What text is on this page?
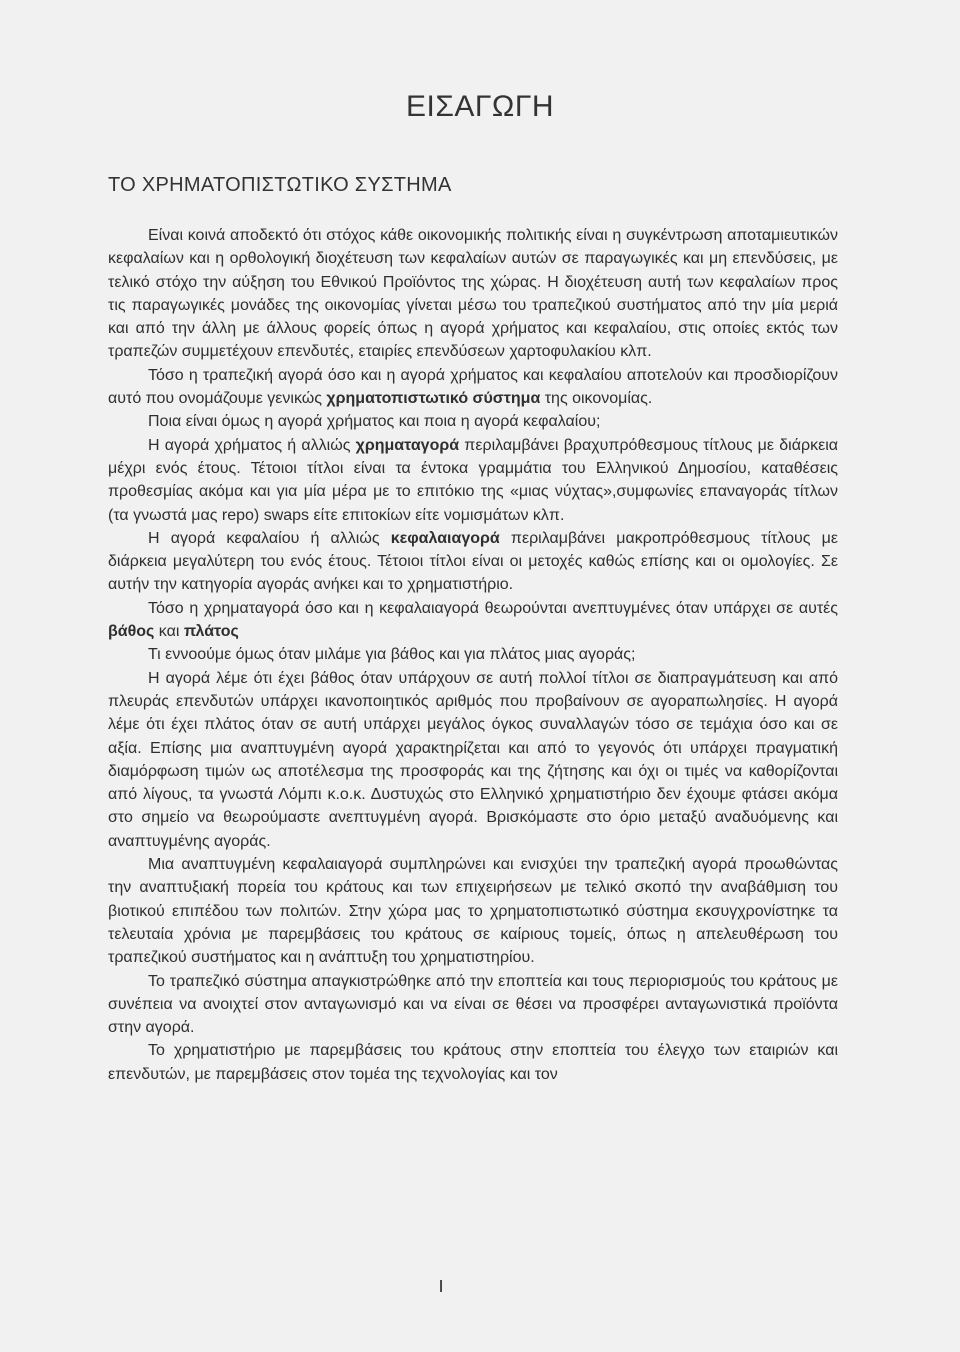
ΕΙΣΑΓΩΓΗ
ΤΟ ΧΡΗΜΑΤΟΠΙΣΤΩΤΙΚΟ ΣΥΣΤΗΜΑ

Είναι κοινά αποδεκτό ότι στόχος κάθε οικονομικής πολιτικής είναι η συγκέντρωση αποταμιευτικών κεφαλαίων και η ορθολογική διοχέτευση των κεφαλαίων αυτών σε παραγωγικές και μη επενδύσεις, με τελικό στόχο την αύξηση του Εθνικού Προϊόντος της χώρας. Η διοχέτευση αυτή των κεφαλαίων προς τις παραγωγικές μονάδες της οικονομίας γίνεται μέσω του τραπεζικού συστήματος από την μία μεριά και από την άλλη με άλλους φορείς όπως η αγορά χρήματος και κεφαλαίου, στις οποίες εκτός των τραπεζών συμμετέχουν επενδυτές, εταιρίες επενδύσεων χαρτοφυλακίου κλπ.

Τόσο η τραπεζική αγορά όσο και η αγορά χρήματος και κεφαλαίου αποτελούν και προσδιορίζουν αυτό που ονομάζουμε γενικώς χρηματοπιστωτικό σύστημα της οικονομίας.

Ποια είναι όμως η αγορά χρήματος και ποια η αγορά κεφαλαίου;

Η αγορά χρήματος ή αλλιώς χρηματαγορά περιλαμβάνει βραχυπρόθεσμους τίτλους με διάρκεια μέχρι ενός έτους. Τέτοιοι τίτλοι είναι τα έντοκα γραμμάτια του Ελληνικού Δημοσίου, καταθέσεις προθεσμίας ακόμα και για μία μέρα με το επιτόκιο της «μιας νύχτας»,συμφωνίες επαναγοράς τίτλων (τα γνωστά μας repo) swaps είτε επιτοκίων είτε νομισμάτων κλπ.

Η αγορά κεφαλαίου ή αλλιώς κεφαλαιαγορά περιλαμβάνει μακροπρόθεσμους τίτλους με διάρκεια μεγαλύτερη του ενός έτους. Τέτοιοι τίτλοι είναι οι μετοχές καθώς επίσης και οι ομολογίες. Σε αυτήν την κατηγορία αγοράς ανήκει και το χρηματιστήριο.

Τόσο η χρηματαγορά όσο και η κεφαλαιαγορά θεωρούνται ανεπτυγμένες όταν υπάρχει σε αυτές βάθος και πλάτος

Τι εννοούμε όμως όταν μιλάμε για βάθος και για πλάτος μιας αγοράς;

Η αγορά λέμε ότι έχει βάθος όταν υπάρχουν σε αυτή πολλοί τίτλοι σε διαπραγμάτευση και από πλευράς επενδυτών υπάρχει ικανοποιητικός αριθμός που προβαίνουν σε αγοραπωλησίες. Η αγορά λέμε ότι έχει πλάτος όταν σε αυτή υπάρχει μεγάλος όγκος συναλλαγών τόσο σε τεμάχια όσο και σε αξία. Επίσης μια αναπτυγμένη αγορά χαρακτηρίζεται και από το γεγονός ότι υπάρχει πραγματική διαμόρφωση τιμών ως αποτέλεσμα της προσφοράς και της ζήτησης και όχι οι τιμές να καθορίζονται από λίγους, τα γνωστά Λόμπι κ.ο.κ. Δυστυχώς στο Ελληνικό χρηματιστήριο δεν έχουμε φτάσει ακόμα στο σημείο να θεωρούμαστε ανεπτυγμένη αγορά. Βρισκόμαστε στο όριο μεταξύ αναδυόμενης και αναπτυγμένης αγοράς.

Μια αναπτυγμένη κεφαλαιαγορά συμπληρώνει και ενισχύει την τραπεζική αγορά προωθώντας την αναπτυξιακή πορεία του κράτους και των επιχειρήσεων με τελικό σκοπό την αναβάθμιση του βιοτικού επιπέδου των πολιτών. Στην χώρα μας το χρηματοπιστωτικό σύστημα εκσυγχρονίστηκε τα τελευταία χρόνια με παρεμβάσεις του κράτους σε καίριους τομείς, όπως η απελευθέρωση του τραπεζικού συστήματος και η ανάπτυξη του χρηματιστηρίου.

Το τραπεζικό σύστημα απαγκιστρώθηκε από την εποπτεία και τους περιορισμούς του κράτους με συνέπεια να ανοιχτεί στον ανταγωνισμό και να είναι σε θέσει να προσφέρει ανταγωνιστικά προϊόντα στην αγορά.

Το χρηματιστήριο με παρεμβάσεις του κράτους στην εποπτεία του έλεγχο των εταιριών και επενδυτών, με παρεμβάσεις στον τομέα της τεχνολογίας και τον

ı
